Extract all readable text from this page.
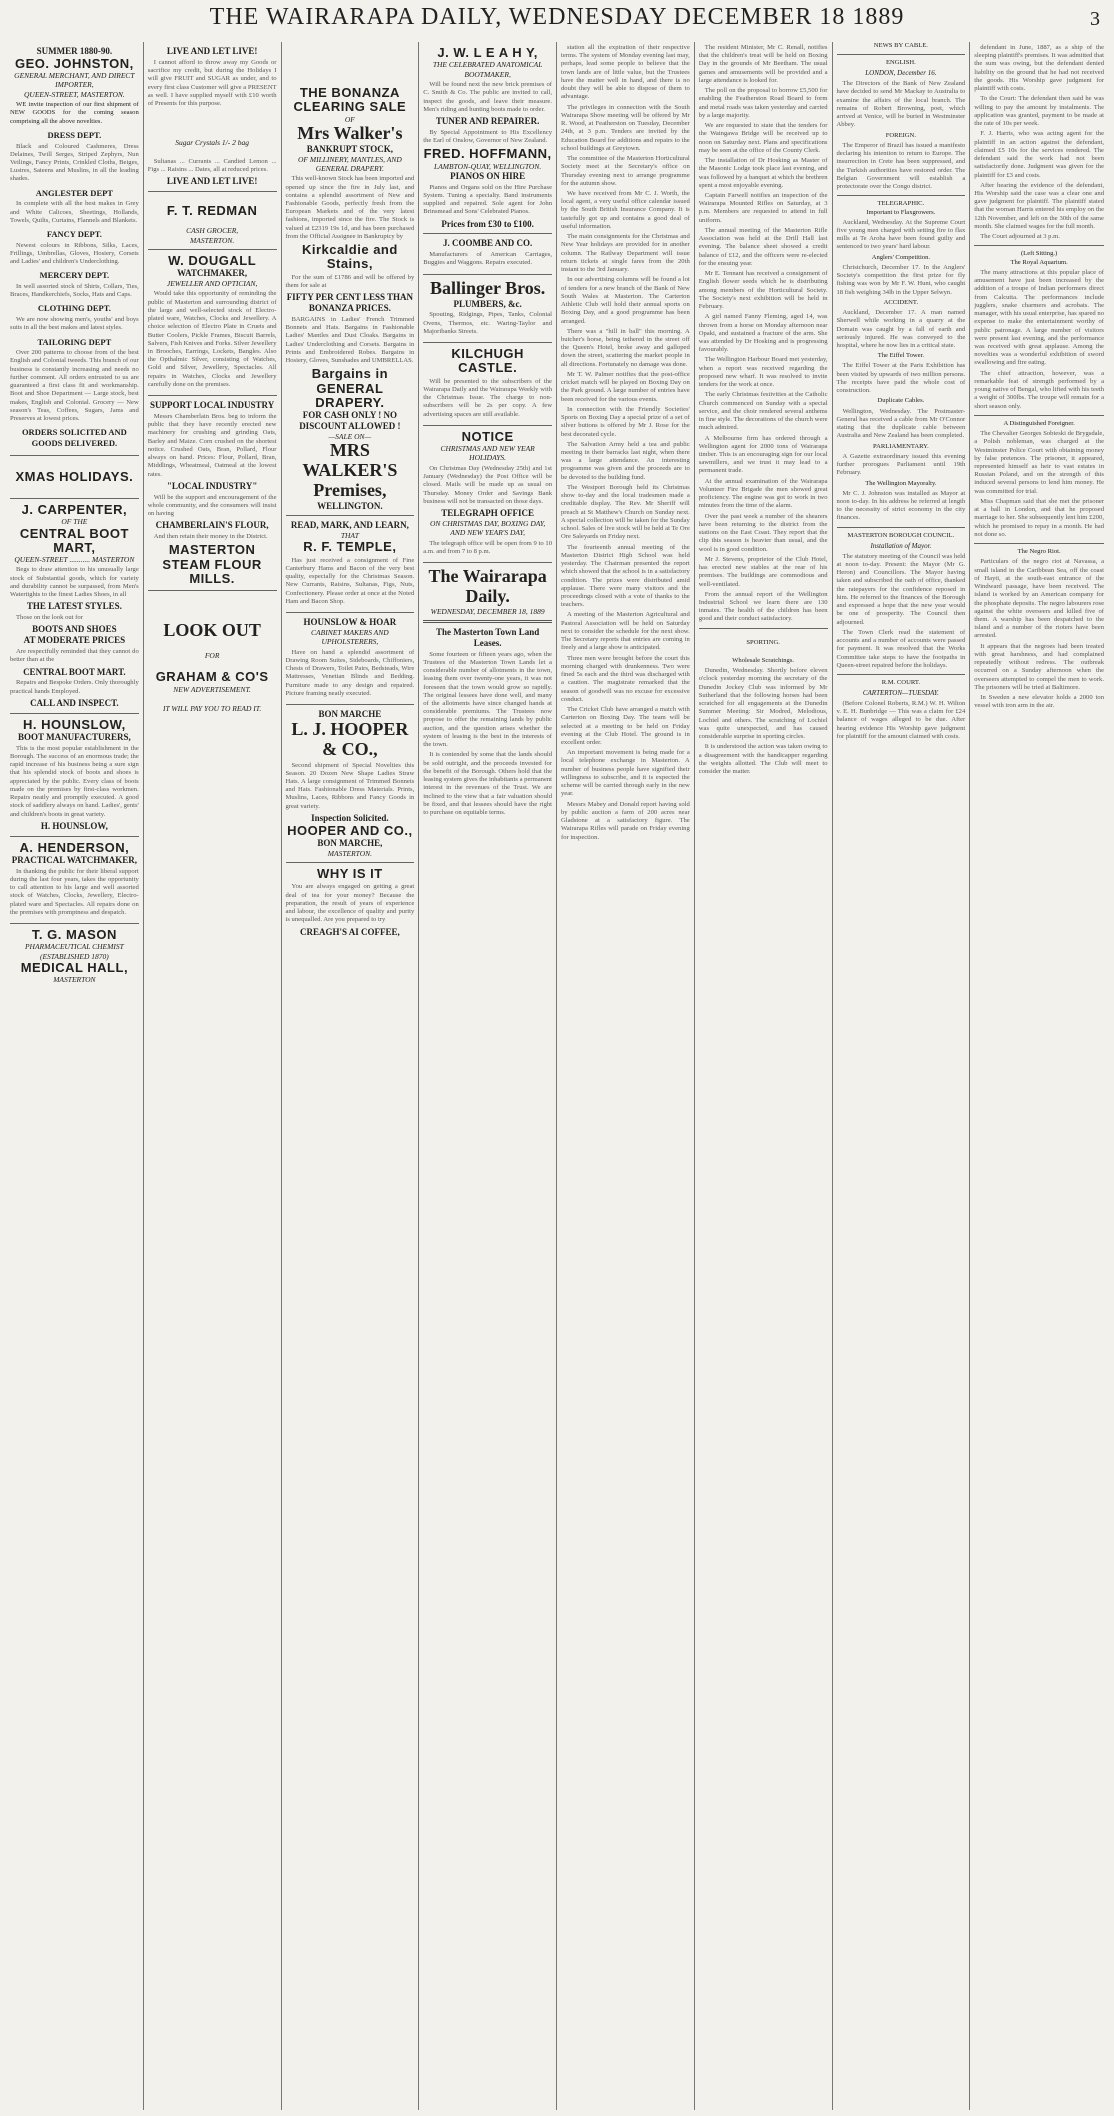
THE WAIRARAPA DAILY, WEDNESDAY DECEMBER 18 1889	3
SUMMER 1880-90.
GEO. JOHNSTON,
GENERAL MERCHANT, AND DIRECT IMPORTER,
QUEEN-STREET, MASTERTON.

WE invite inspection of our first shipment of NEW GOODS for the coming season comprising all the above novelties.

DRESS DEPT.

Black and Coloured Cashmeres, Dress Delaines, Twill Serges, Striped Zephyrs, Nun Veilings, Fancy Prints, Crinkled Cloths, Beiges, Lustres, Sateens and Muslins, in all the leading shades.

ANGLESTER DEPT

In complete with all the best makes in Grey and White Calicoes, Sheetings, Hollands, Towels, Quilts, Curtains, Flannels and Blankets.

FANCY DEPT.

Newest colours in Ribbons, Silks, Laces, Frillings, Umbrellas, Gloves, Hosiery, Corsets and Ladies' and children's Underclothing.

MERCERY DEPT.

In well assorted stock of Shirts, Collars, Ties, Braces, Handkerchiefs, Socks, Hats and Caps.

CLOTHING DEPT.

We are now showing men's, youths' and boys suits in all the best makes and latest styles.

TAILORING DEPT

Over 200 patterns to choose from of the best English and Colonial tweeds. This branch of our business is constantly increasing and needs no further comment. All orders entrusted to us are guaranteed a first class fit and workmanship. Boot and Shoe Department — Large stock, best makes, English and Colonial. Grocery — New season's Teas, Coffees, Sugars, Jams and Preserves at lowest prices.

ORDERS SOLICITED AND GOODS DELIVERED.
XMAS HOLIDAYS.
J. CARPENTER,
OF THE
CENTRAL BOOT MART,
QUEEN-STREET ........... MASTERTON

Begs to draw attention to his unusually large stock of Substantial goods, which for variety and durability cannot be surpassed, from Men's Watertights to the finest Ladies Shoes, in all

THE LATEST STYLES.

Those on the look out for

BOOTS AND SHOES
AT MODERATE PRICES

Are respectfully reminded that they cannot do better than at the

CENTRAL BOOT MART.

Repairs and Bespoke Orders. Only thoroughly practical hands Employed.

CALL AND INSPECT.
H. HOUNSLOW,
BOOT MANUFACTURERS,

This is the most popular establishment in the Borough. The success of an enormous trade; the rapid increase of his business being a sure sign that his splendid stock of boots and shoes is appreciated by the public. Every class of boots made on the premises by first-class workmen. Repairs neatly and promptly executed. A good stock of saddlery always on hand. Ladies', gents' and children's boots in great variety.

H. HOUNSLOW,
A. HENDERSON,
PRACTICAL WATCHMAKER,

In thanking the public for their liberal support during the last four years, takes the opportunity to call attention to his large and well assorted stock of Watches, Clocks, Jewellery, Electro-plated ware and Spectacles. All repairs done on the premises with promptness and despatch.

T. G. MASON
PHARMACEUTICAL CHEMIST
(ESTABLISHED 1870)
MEDICAL HALL,
MASTERTON
LIVE AND LET LIVE!

I cannot afford to throw away my Goods or sacrifice my credit, but during the Holidays I will give FRUIT and SUGAR as under, and to every first class Customer will give a PRESENT as well. I have supplied myself with £10 worth of Presents for this purpose.

Sugar Crystals 1/- 2 bag

Sultanas ... Currants ... Candied Lemon ... Figs ... Raisins ... Dates, all at reduced prices.

LIVE AND LET LIVE!
F. T. REDMAN
CASH GROCER,
MASTERTON.
W. DOUGALL
WATCHMAKER,
JEWELLER AND OPTICIAN,

Would take this opportunity of reminding the public of Masterton and surrounding district of the large and well-selected stock of Electro-plated ware, Watches, Clocks and Jewellery. A choice selection of Electro Plate in Cruets and Butter Coolers, Pickle Frames, Biscuit Barrels, Salvers, Fish Knives and Forks. Silver Jewellery in Brooches, Earrings, Lockets, Bangles. Also the Opthalmic Silver, consisting of Watches, Gold and Silver, Jewellery, Spectacles. All repairs in Watches, Clocks and Jewellery carefully done on the premises.

SUPPORT LOCAL INDUSTRY

Messrs Chamberlain Bros. beg to inform the public that they have recently erected new machinery for crushing and grinding Oats, Barley and Maize. Corn crushed on the shortest notice. Crushed Oats, Bran, Pollard, Flour always on hand. Prices: Flour, Pollard, Bran, Middlings, Wheatmeal, Oatmeal at the lowest rates.

"LOCAL INDUSTRY"

Will be the support and encouragement of the whole community, and the consumers will insist on having

CHAMBERLAIN'S FLOUR,

And then retain their money in the District.

MASTERTON
STEAM FLOUR MILLS.
LOOK OUT
FOR
GRAHAM & CO'S
NEW ADVERTISEMENT.
IT WILL PAY YOU TO READ IT.
THE BONANZA
CLEARING SALE
OF
Mrs Walker's
BANKRUPT STOCK,
OF MILLINERY, MANTLES, AND GENERAL DRAPERY.

This well-known Stock has been imported and opened up since the fire in July last, and contains a splendid assortment of New and Fashionable Goods, perfectly fresh from the European Markets and of the very latest fashions, imported since the fire. The Stock is valued at £2319 19s 1d, and has been purchased from the Official Assignee in Bankruptcy by

Kirkcaldie and Stains,

For the sum of £1786 and will be offered by them for sale at

FIFTY PER CENT LESS THAN BONANZA PRICES.

BARGAINS in Ladies' French Trimmed Bonnets and Hats. Bargains in Fashionable Ladies' Mantles and Dust Cloaks. Bargains in Ladies' Underclothing and Corsets. Bargains in Prints and Embroidered Robes. Bargains in Hosiery, Gloves, Sunshades and UMBRELLAS.

Bargains in GENERAL DRAPERY.
FOR CASH ONLY ! NO DISCOUNT ALLOWED !
—SALE ON—
MRS WALKER'S Premises,
WELLINGTON.
READ, MARK, AND LEARN,
THAT
R. F. TEMPLE,

Has just received a consignment of Fine Canterbury Hams and Bacon of the very best quality, especially for the Christmas Season. New Currants, Raisins, Sultanas, Figs, Nuts, Confectionery. Please order at once at the Noted Ham and Bacon Shop.

HOUNSLOW & HOAR
CABINET MAKERS AND UPHOLSTERERS,

Have on hand a splendid assortment of Drawing Room Suites, Sideboards, Chiffoniers, Chests of Drawers, Toilet Pairs, Bedsteads, Wire Mattresses, Venetian Blinds and Bedding. Furniture made to any design and repaired. Picture framing neatly executed.

BON MARCHE
L. J. HOOPER & CO.,

Second shipment of Special Novelties this Season. 20 Dozen New Shape Ladies Straw Hats. A large consignment of Trimmed Bonnets and Hats. Fashionable Dress Materials. Prints, Muslins, Laces, Ribbons and Fancy Goods in great variety.

Inspection Solicited.
HOOPER AND CO.,
BON MARCHE,
MASTERTON.
WHY IS IT

You are always engaged on getting a great deal of tea for your money? Because the preparation, the result of years of experience and labour, the excellence of quality and purity is unequalled. Are you prepared to try

CREAGH'S AI COFFEE,
J. W. L E A H Y,
THE CELEBRATED ANATOMICAL BOOTMAKER,

Will be found next the new brick premises of C. Smith & Co. The public are invited to call, inspect the goods, and leave their measure. Men's riding and hunting boots made to order.

TUNER AND REPAIRER.

By Special Appointment to His Excellency the Earl of Onslow, Governor of New Zealand.

FRED. HOFFMANN,
LAMBTON-QUAY, WELLINGTON.
PIANOS ON HIRE

Pianos and Organs sold on the Hire Purchase System. Tuning a specialty. Band instruments supplied and repaired. Sole agent for John Brinsmead and Sons' Celebrated Pianos.

Prices from £30 to £100.
J. COOMBE AND CO.

Manufacturers of American Carriages, Buggies and Waggons. Repairs executed.

Ballinger Bros.
PLUMBERS, &c.

Spouting, Ridgings, Pipes, Tanks, Colonial Ovens, Thermos, etc. Waring-Taylor and Majoribanks Streets.

KILCHUGH CASTLE.

Will be presented to the subscribers of the Wairarapa Daily and the Wairarapa Weekly with the Christmas Issue. The charge to non-subscribers will be 2s per copy. A few advertising spaces are still available.

NOTICE
CHRISTMAS AND NEW YEAR HOLIDAYS.

On Christmas Day (Wednesday 25th) and 1st January (Wednesday) the Post Office will be closed. Mails will be made up as usual on Thursday. Money Order and Savings Bank business will not be transacted on those days.

TELEGRAPH OFFICE
ON CHRISTMAS DAY, BOXING DAY, AND NEW YEAR'S DAY,

The telegraph office will be open from 9 to 10 a.m. and from 7 to 8 p.m.

The Wairarapa Daily.
WEDNESDAY, DECEMBER 18, 1889
The Masterton Town Land Leases.

Some fourteen or fifteen years ago, when the Trustees of the Masterton Town Lands let a considerable number of allotments in the town, leasing them over twenty-one years, it was not foreseen that the town would grow so rapidly. The original lessees have done well, and many of the allotments have since changed hands at considerable premiums. The Trustees now propose to offer the remaining lands by public auction, and the question arises whether the system of leasing is the best in the interests of the town.

It is contended by some that the lands should be sold outright, and the proceeds invested for the benefit of the Borough. Others hold that the leasing system gives the inhabitants a permanent interest in the revenues of the Trust. We are inclined to the view that a fair valuation should be fixed, and that lessees should have the right to purchase on equitable terms.

station all the expiration of their respective terms. The system of Monday evening last may, perhaps, lead some people to believe that the town lands are of little value, but the Trustees have the matter well in hand, and there is no doubt they will be able to dispose of them to advantage.

The privileges in connection with the South Wairarapa Show meeting will be offered by Mr R. Wood, at Featherston on Tuesday, December 24th, at 3 p.m. Tenders are invited by the Education Board for additions and repairs to the school buildings at Greytown.

The committee of the Masterton Horticultural Society meet at the Secretary's office on Thursday evening next to arrange programme for the autumn show.

We have received from Mr C. J. Worth, the local agent, a very useful office calendar issued by the South British Insurance Company. It is tastefully got up and contains a good deal of useful information.

The main consignments for the Christmas and New Year holidays are provided for in another column. The Railway Department will issue return tickets at single fares from the 20th instant to the 3rd January.

In our advertising columns will be found a lot of tenders for a new branch of the Bank of New South Wales at Masterton. The Carterton Athletic Club will hold their annual sports on Boxing Day, and a good programme has been arranged.

There was a "hill in ball" this morning. A butcher's horse, being tethered in the street off the Queen's Hotel, broke away and galloped down the street, scattering the market people in all directions. Fortunately no damage was done.

Mr T. W. Palmer notifies that the post-office cricket match will be played on Boxing Day on the Park ground. A large number of entries have been received for the various events.

In connection with the Friendly Societies' Sports on Boxing Day a special prize of a set of silver buttons is offered by Mr J. Rose for the best decorated cycle.

The Salvation Army held a tea and public meeting in their barracks last night, when there was a large attendance. An interesting programme was given and the proceeds are to be devoted to the building fund.

The Westport Borough held its Christmas show to-day and the local tradesmen made a creditable display. The Rev. Mr Sheriff will preach at St Matthew's Church on Sunday next. A special collection will be taken for the Sunday school. Sales of live stock will be held at Te Ore Ore Saleyards on Friday next.

The fourteenth annual meeting of the Masterton District High School was held yesterday. The Chairman presented the report which showed that the school is in a satisfactory condition. The prizes were distributed amid applause. There were many visitors and the proceedings closed with a vote of thanks to the teachers.

A meeting of the Masterton Agricultural and Pastoral Association will be held on Saturday next to consider the schedule for the next show. The Secretary reports that entries are coming in freely and a large show is anticipated.

Three men were brought before the court this morning charged with drunkenness. Two were fined 5s each and the third was discharged with a caution. The magistrate remarked that the season of goodwill was no excuse for excessive conduct.

The Cricket Club have arranged a match with Carterton on Boxing Day. The team will be selected at a meeting to be held on Friday evening at the Club Hotel. The ground is in excellent order.

An important movement is being made for a local telephone exchange in Masterton. A number of business people have signified their willingness to subscribe, and it is expected the scheme will be carried through early in the new year.

Messrs Mabey and Donald report having sold by public auction a farm of 200 acres near Gladstone at a satisfactory figure. The Wairarapa Rifles will parade on Friday evening for inspection.

The resident Minister, Mr C. Renall, notifies that the children's treat will be held on Boxing Day in the grounds of Mr Beetham. The usual games and amusements will be provided and a large attendance is looked for.

The poll on the proposal to borrow £5,500 for enabling the Featherston Road Board to form and metal roads was taken yesterday and carried by a large majority.

We are requested to state that the tenders for the Waingawa Bridge will be received up to noon on Saturday next. Plans and specifications may be seen at the office of the County Clerk.

The installation of Dr Hosking as Master of the Masonic Lodge took place last evening, and was followed by a banquet at which the brethren spent a most enjoyable evening.

Captain Farwell notifies an inspection of the Wairarapa Mounted Rifles on Saturday, at 3 p.m. Members are requested to attend in full uniform.

The annual meeting of the Masterton Rifle Association was held at the Drill Hall last evening. The balance sheet showed a credit balance of £12, and the officers were re-elected for the ensuing year.

Mr E. Tennant has received a consignment of English flower seeds which he is distributing among members of the Horticultural Society. The Society's next exhibition will be held in February.

A girl named Fanny Fleming, aged 14, was thrown from a horse on Monday afternoon near Opaki, and sustained a fracture of the arm. She was attended by Dr Hosking and is progressing favourably.

The Wellington Harbour Board met yesterday, when a report was received regarding the proposed new wharf. It was resolved to invite tenders for the work at once.

The early Christmas festivities at the Catholic Church commenced on Sunday with a special service, and the choir rendered several anthems in fine style. The decorations of the church were much admired.

A Melbourne firm has ordered through a Wellington agent for 2000 tons of Wairarapa timber. This is an encouraging sign for our local sawmillers, and we trust it may lead to a permanent trade.

At the annual examination of the Wairarapa Volunteer Fire Brigade the men showed great proficiency. The engine was got to work in two minutes from the time of the alarm.

Over the past week a number of the shearers have been returning to the district from the stations on the East Coast. They report that the clip this season is heavier than usual, and the wool is in good condition.

Mr J. Stevens, proprietor of the Club Hotel, has erected new stables at the rear of his premises. The buildings are commodious and well-ventilated.

From the annual report of the Wellington Industrial School we learn there are 130 inmates. The health of the children has been good and their conduct satisfactory.

SPORTING.
Wholesale Scratchings.

Dunedin, Wednesday. Shortly before eleven o'clock yesterday morning the secretary of the Dunedin Jockey Club was informed by Mr Sutherland that the following horses had been scratched for all engagements at the Dunedin Summer Meeting: Sir Modred, Melodious, Lochiel and others. The scratching of Lochiel was quite unexpected, and has caused considerable surprise in sporting circles.

It is understood the action was taken owing to a disagreement with the handicapper regarding the weights allotted. The Club will meet to consider the matter.

NEWS BY CABLE.
ENGLISH.
LONDON, December 16.

The Directors of the Bank of New Zealand have decided to send Mr Mackay to Australia to examine the affairs of the local branch. The remains of Robert Browning, poet, which arrived at Venice, will be buried in Westminster Abbey.

FOREIGN.

The Emperor of Brazil has issued a manifesto declaring his intention to return to Europe. The insurrection in Crete has been suppressed, and the Turkish authorities have restored order. The Belgian Government will establish a protectorate over the Congo district.

TELEGRAPHIC.
Important to Flaxgrowers.

Auckland, Wednesday. At the Supreme Court five young men charged with setting fire to flax mills at Te Aroha have been found guilty and sentenced to two years' hard labour.

Anglers' Competition.

Christchurch, December 17. In the Anglers' Society's competition the first prize for fly fishing was won by Mr F. W. Hunt, who caught 18 fish weighing 34lb in the Upper Selwyn.

ACCIDENT.

Auckland, December 17. A man named Sherwell while working in a quarry at the Domain was caught by a fall of earth and seriously injured. He was conveyed to the hospital, where he now lies in a critical state.

The Eiffel Tower.

The Eiffel Tower at the Paris Exhibition has been visited by upwards of two million persons. The receipts have paid the whole cost of construction.

Duplicate Cables.

Wellington, Wednesday. The Postmaster-General has received a cable from Mr O'Connor stating that the duplicate cable between Australia and New Zealand has been completed.

PARLIAMENTARY.

A Gazette extraordinary issued this evening further prorogues Parliament until 19th February.

The Wellington Mayoralty.

Mr C. J. Johnston was installed as Mayor at noon to-day. In his address he referred at length to the necessity of strict economy in the city finances.

MASTERTON BOROUGH COUNCIL.
Installation of Mayor.

The statutory meeting of the Council was held at noon to-day. Present: the Mayor (Mr G. Heron) and Councillors. The Mayor having taken and subscribed the oath of office, thanked the ratepayers for the confidence reposed in him. He referred to the finances of the Borough and expressed a hope that the new year would be one of prosperity. The Council then adjourned.

The Town Clerk read the statement of accounts and a number of accounts were passed for payment. It was resolved that the Works Committee take steps to have the footpaths in Queen-street repaired before the holidays.

R.M. COURT.
CARTERTON—TUESDAY.

(Before Colonel Roberts, R.M.) W. H. Wilton v. E. H. Bunbridge — This was a claim for £24 balance of wages alleged to be due. After hearing evidence His Worship gave judgment for plaintiff for the amount claimed with costs.

defendant in June, 1887, as a ship of the sleeping plaintiff's premises. It was admitted that the sum was owing, but the defendant denied liability on the ground that he had not received the goods. His Worship gave judgment for plaintiff with costs.

To the Court: The defendant then said he was willing to pay the amount by instalments. The application was granted, payment to be made at the rate of 10s per week.

F. J. Harris, who was acting agent for the plaintiff in an action against the defendant, claimed £5 10s for the services rendered. The defendant said the work had not been satisfactorily done. Judgment was given for the plaintiff for £3 and costs.

After hearing the evidence of the defendant, His Worship said the case was a clear one and gave judgment for plaintiff. The plaintiff stated that the woman Harris entered his employ on the 12th November, and left on the 30th of the same month. She claimed wages for the full month.

The Court adjourned at 3 p.m.

(Left Sitting.)
The Royal Aquarium.

The many attractions at this popular place of amusement have just been increased by the addition of a troupe of Indian performers direct from Calcutta. The performances include jugglers, snake charmers and acrobats. The manager, with his usual enterprise, has spared no expense to make the entertainment worthy of public patronage. A large number of visitors were present last evening, and the performance was received with great applause. Among the novelties was a wonderful exhibition of sword swallowing and fire eating.

The chief attraction, however, was a remarkable feat of strength performed by a young native of Bengal, who lifted with his teeth a weight of 300lbs. The troupe will remain for a short season only.

A Distinguished Foreigner.

The Chevalier Georges Sobieski de Brygsdale, a Polish nobleman, was charged at the Westminster Police Court with obtaining money by false pretences. The prisoner, it appeared, represented himself as heir to vast estates in Russian Poland, and on the strength of this induced several persons to lend him money. He was committed for trial.

Miss Chapman said that she met the prisoner at a ball in London, and that he proposed marriage to her. She subsequently lent him £200, which he promised to repay in a month. He had not done so.

The Negro Riot.

Particulars of the negro riot at Navassa, a small island in the Caribbean Sea, off the coast of Hayti, at the south-east entrance of the Windward passage, have been received. The island is worked by an American company for the phosphate deposits. The negro labourers rose against the white overseers and killed five of them. A warship has been despatched to the island and a number of the rioters have been arrested.

It appears that the negroes had been treated with great harshness, and had complained repeatedly without redress. The outbreak occurred on a Sunday afternoon when the overseers attempted to compel the men to work. The prisoners will be tried at Baltimore.

In Sweden a new elevator holds a 2000 ton vessel with iron arm in the air.
